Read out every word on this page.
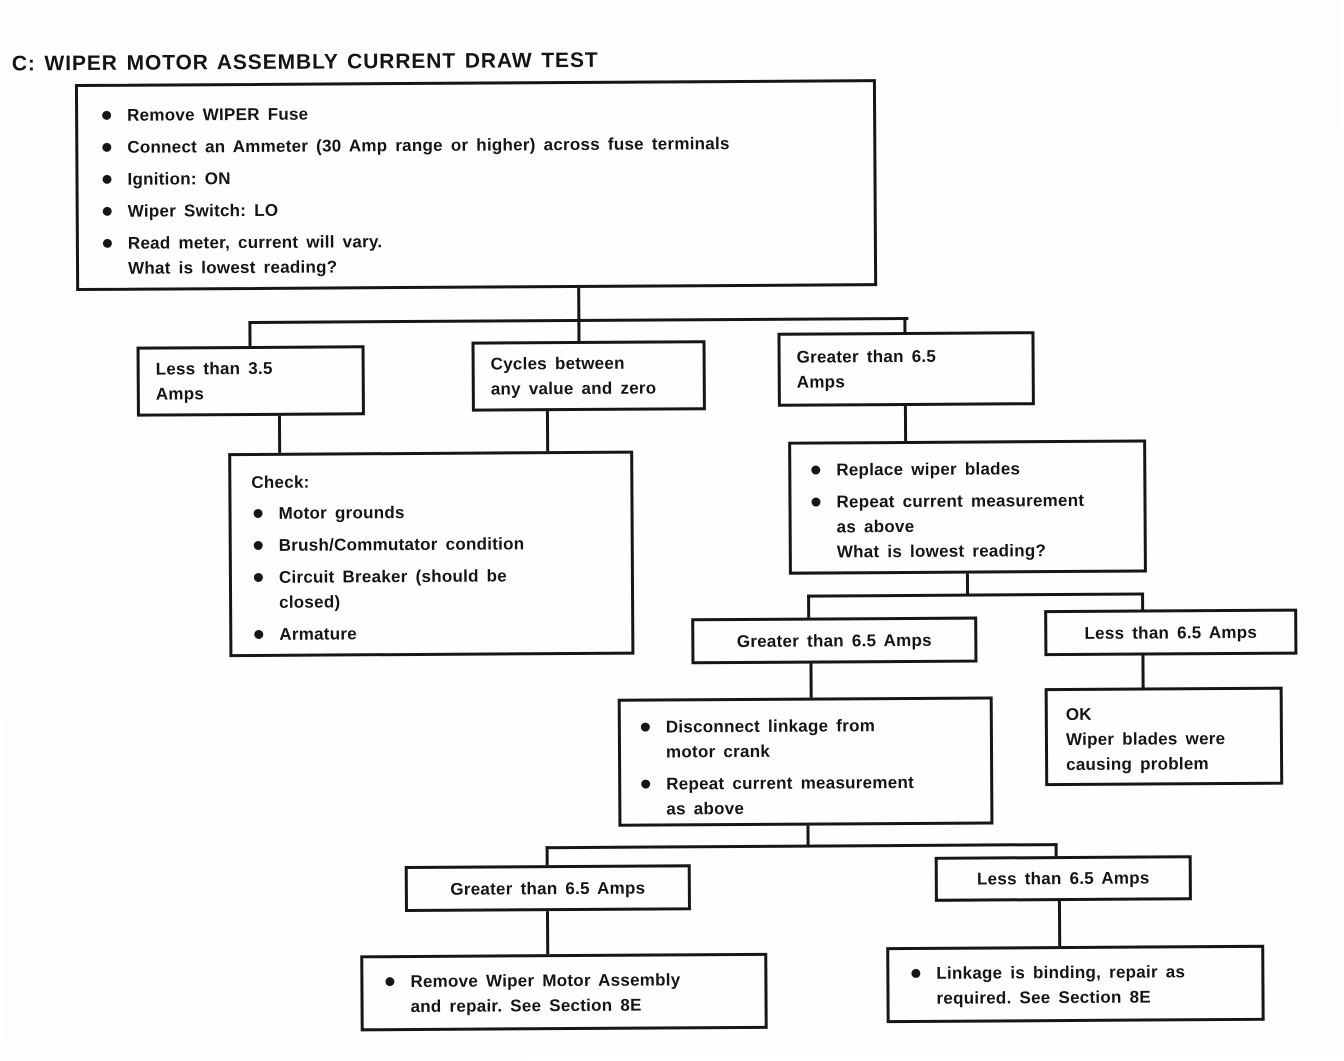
C: WIPER MOTOR ASSEMBLY CURRENT DRAW TEST
Remove WIPER Fuse
Connect an Ammeter (30 Amp range or higher) across fuse terminals
Ignition: ON
Wiper Switch: LO
Read meter, current will vary.
What is lowest reading?
Less than 3.5
Amps
Cycles between
any value and zero
Greater than 6.5
Amps
Check:
Motor grounds
Brush/Commutator condition
Circuit Breaker (should be
closed)
Armature
Replace wiper blades
Repeat current measurement
as above
What is lowest reading?
Greater than 6.5 Amps	Less than 6.5 Amps
Disconnect linkage from
motor crank
Repeat current measurement
as above
OK
Wiper blades were
causing problem
Greater than 6.5 Amps	Less than 6.5 Amps
Remove Wiper Motor Assembly
and repair. See Section 8E
Linkage is binding, repair as
required. See Section 8E
